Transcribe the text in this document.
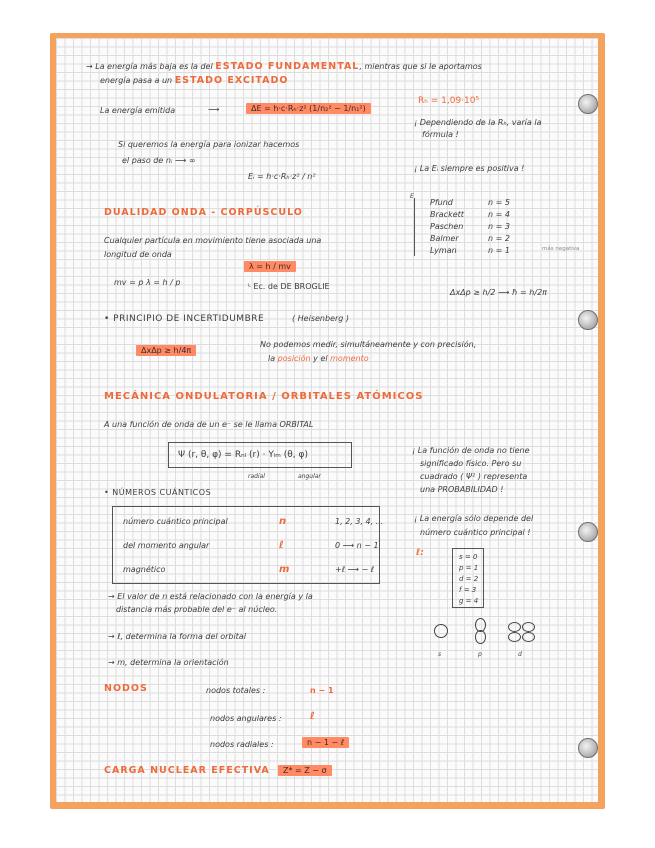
→ La energía más baja es la del ESTADO FUNDAMENTAL, mientras que si le aportamos
energía pasa a un ESTADO EXCITADO
La energía emitida	⟶	ΔE = h·c·Rₕ·z² (1/n₂² − 1/n₁²)
Rₕ = 1,09·10⁵
¡ Dependiendo de la Rₕ, varía la
fórmula !
¡ La Eᵢ siempre es positiva !
Si queremos la energía para ionizar hacemos
el paso de nᵢ ⟶ ∞
Eᵢ = h·c·Rₕ·z² / n²
E
Pfund	n = 5
Brackett	n = 4
Paschen	n = 3
Balmer	n = 2
Lyman	n = 1	más negativa
DUALIDAD ONDA - CORPÚSCULO
Cualquier partícula en movimiento tiene asociada una
longitud de onda
λ = h / mv
mv = p λ = h / p	ᴸ Ec. de DE BROGLIE
ΔxΔp ≥ h/2 ⟶ ħ = h/2π
• PRINCIPIO DE INCERTIDUMBRE	( Heisenberg )
ΔxΔp ≥ h/4π
No podemos medir, simultáneamente y con precisión,
la posición y el momento
MECÁNICA ONDULATORIA / ORBITALES ATÓMICOS
A una función de onda de un e⁻ se le llama ORBITAL
Ψ (r, θ, φ) = Rₙₗ (r) · Yₗₘ (θ, φ)
radial	angular
¡ La función de onda no tiene
significado físico. Pero su
cuadrado ( Ψ² ) representa
una PROBABILIDAD !
• NÚMEROS CUÁNTICOS
número cuántico principal	n	1, 2, 3, 4, ...
del momento angular	ℓ	0 ⟶ n − 1
magnético	m	+ℓ ⟶ − ℓ
¡ La energía sólo depende del
número cuántico principal !
ℓ:	s = 0
p = 1
d = 2
f = 3
g = 4
→ El valor de n está relacionado con la energía y la
distancia más probable del e⁻ al núcleo.
→ ℓ, determina la forma del orbital
→ m, determina la orientación
s	p	d
NODOS	nodos totales :	n − 1
nodos angulares :	ℓ
nodos radiales :	n − 1 − ℓ
CARGA NUCLEAR EFECTIVA	Z* = Z − σ
